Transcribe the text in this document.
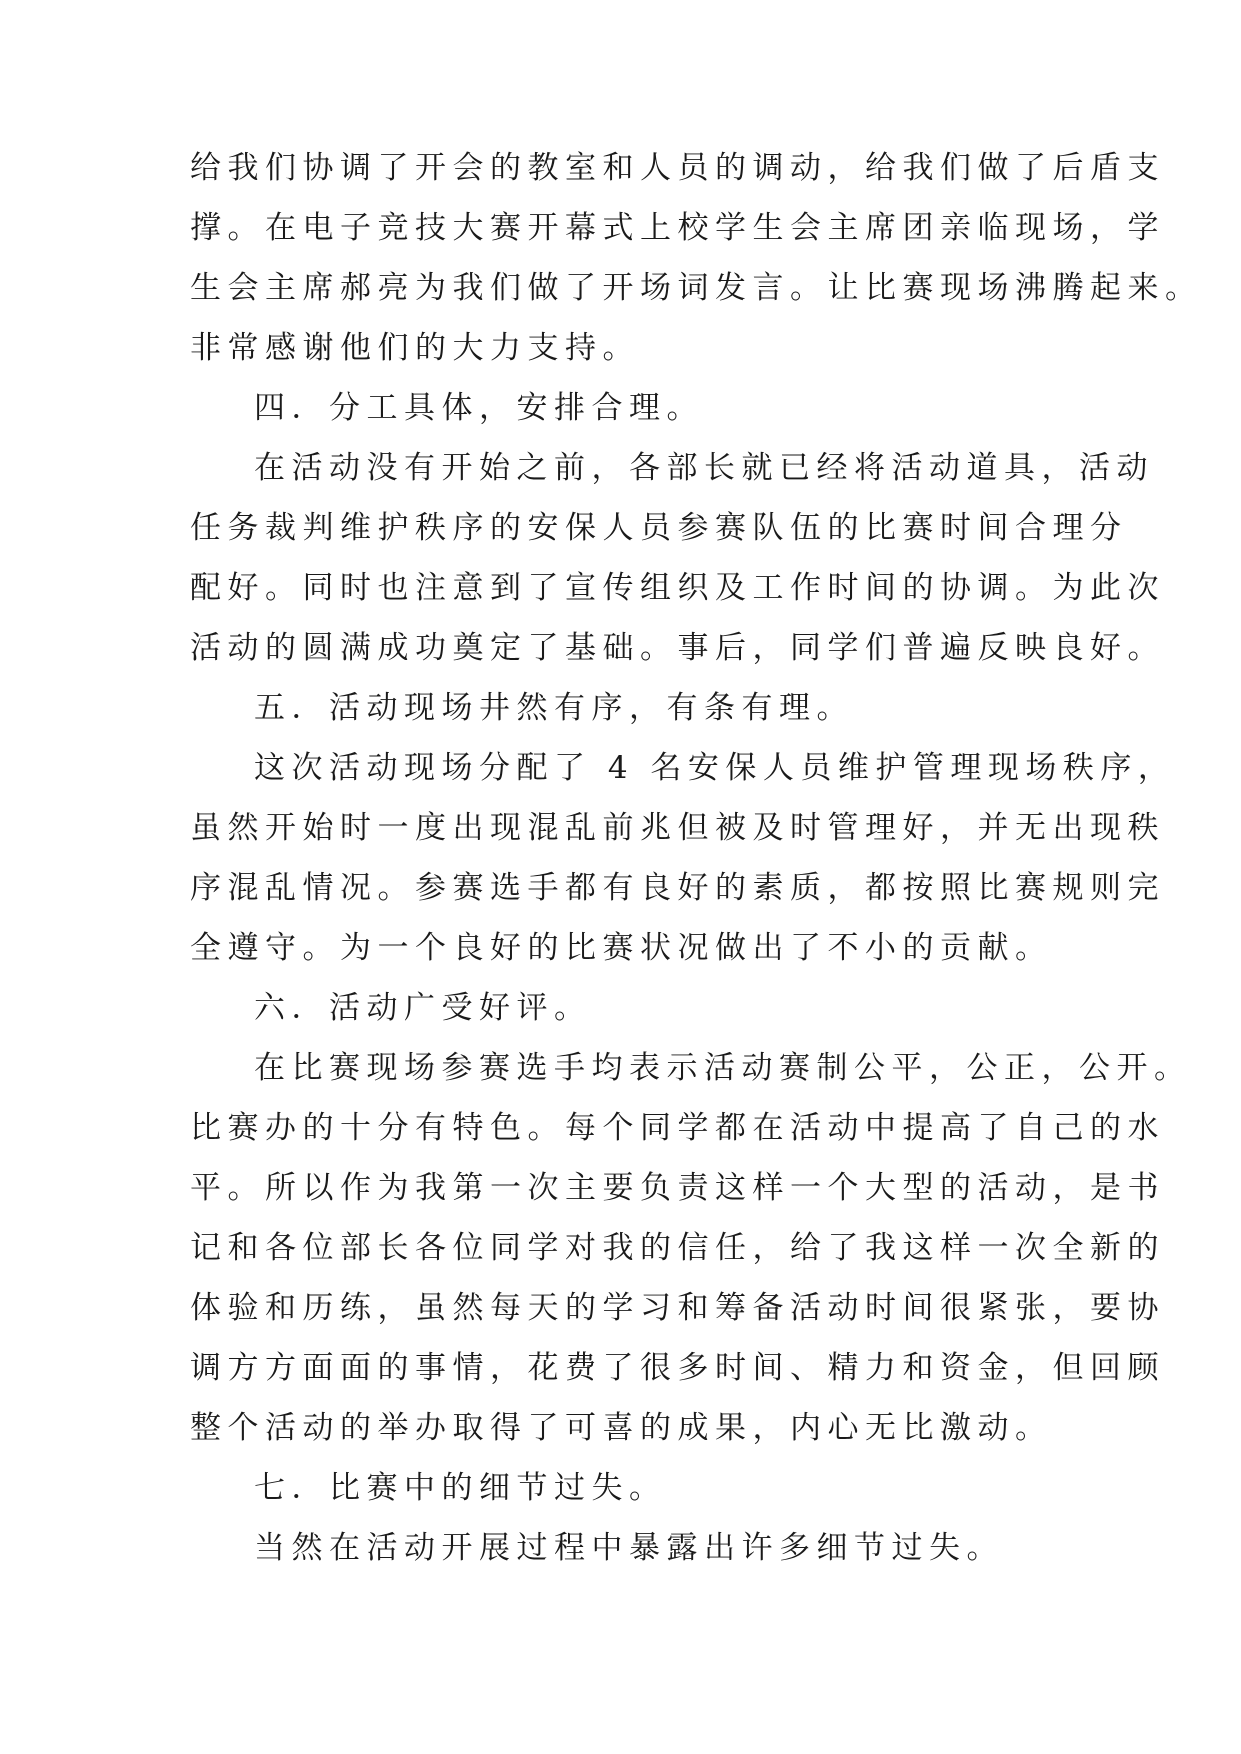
给我们协调了开会的教室和人员的调动，给我们做了后盾支
撑。在电子竞技大赛开幕式上校学生会主席团亲临现场，学
生会主席郝亮为我们做了开场词发言。让比赛现场沸腾起来。
非常感谢他们的大力支持。
四．分工具体，安排合理。
在活动没有开始之前，各部长就已经将活动道具，活动
任务裁判维护秩序的安保人员参赛队伍的比赛时间合理分
配好。同时也注意到了宣传组织及工作时间的协调。为此次
活动的圆满成功奠定了基础。事后，同学们普遍反映良好。
五．活动现场井然有序，有条有理。
这次活动现场分配了 4 名安保人员维护管理现场秩序，
虽然开始时一度出现混乱前兆但被及时管理好，并无出现秩
序混乱情况。参赛选手都有良好的素质，都按照比赛规则完
全遵守。为一个良好的比赛状况做出了不小的贡献。
六．活动广受好评。
在比赛现场参赛选手均表示活动赛制公平，公正，公开。
比赛办的十分有特色。每个同学都在活动中提高了自己的水
平。所以作为我第一次主要负责这样一个大型的活动，是书
记和各位部长各位同学对我的信任，给了我这样一次全新的
体验和历练，虽然每天的学习和筹备活动时间很紧张，要协
调方方面面的事情，花费了很多时间、精力和资金，但回顾
整个活动的举办取得了可喜的成果，内心无比激动。
七．比赛中的细节过失。
当然在活动开展过程中暴露出许多细节过失。
